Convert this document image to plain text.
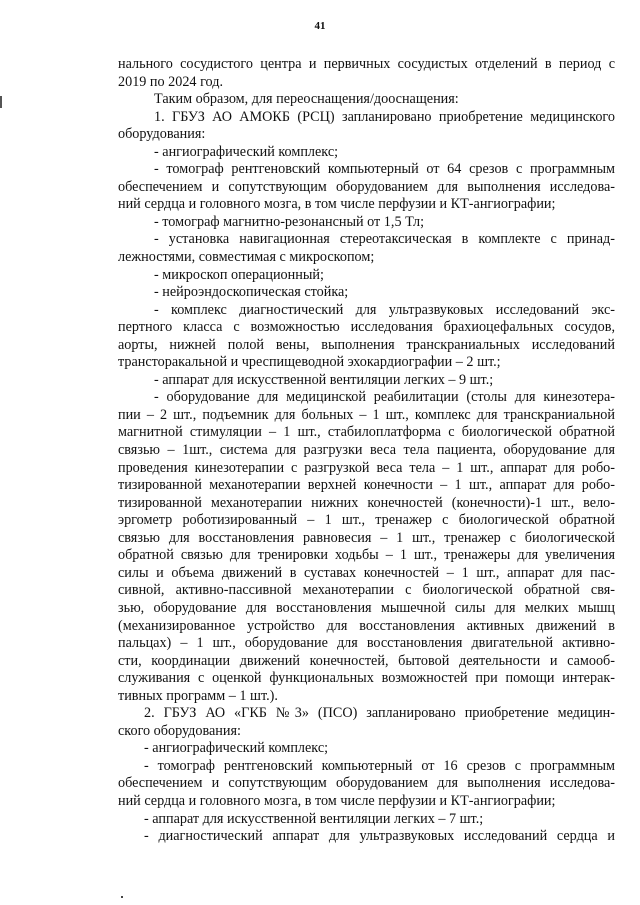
41
нального сосудистого центра и первичных сосудистых отделений в период с
2019 по 2024 год.
Таким образом, для переоснащения/дооснащения:
1. ГБУЗ АО АМОКБ (РСЦ) запланировано приобретение медицинского
оборудования:
- ангиографический комплекс;
- томограф рентгеновский компьютерный от 64 срезов с программным
обеспечением и сопутствующим оборудованием для выполнения исследова-
ний сердца и головного мозга, в том числе перфузии и КТ-ангиографии;
- томограф магнитно-резонансный от 1,5 Тл;
- установка навигационная стереотаксическая в комплекте с принад-
лежностями, совместимая с микроскопом;
- микроскоп операционный;
- нейроэндоскопическая стойка;
- комплекс диагностический для ультразвуковых исследований экс-
пертного класса с возможностью исследования брахиоцефальных сосудов,
аорты, нижней полой вены, выполнения транскраниальных исследований
трансторакальной и чреспищеводной эхокардиографии – 2 шт.;
- аппарат для искусственной вентиляции легких – 9 шт.;
- оборудование для медицинской реабилитации (столы для кинезотера-
пии – 2 шт., подъемник для больных – 1 шт., комплекс для транскраниальной
магнитной стимуляции – 1 шт., стабилоплатформа с биологической обратной
связью – 1шт., система для разгрузки веса тела пациента, оборудование для
проведения кинезотерапии с разгрузкой веса тела – 1 шт., аппарат для робо-
тизированной механотерапии верхней конечности – 1 шт., аппарат для робо-
тизированной механотерапии нижних конечностей (конечности)-1 шт., вело-
эргометр роботизированный – 1 шт., тренажер с биологической обратной
связью для восстановления равновесия – 1 шт., тренажер с биологической
обратной связью для тренировки ходьбы – 1 шт., тренажеры для увеличения
силы и объема движений в суставах конечностей – 1 шт., аппарат для пас-
сивной, активно-пассивной механотерапии с биологической обратной свя-
зью, оборудование для восстановления мышечной силы для мелких мышц
(механизированное устройство для восстановления активных движений в
пальцах) – 1 шт., оборудование для восстановления двигательной активно-
сти, координации движений конечностей, бытовой деятельности и самооб-
служивания с оценкой функциональных возможностей при помощи интерак-
тивных программ – 1 шт.).
2. ГБУЗ АО «ГКБ №3» (ПСО) запланировано приобретение медицин-
ского оборудования:
- ангиографический комплекс;
- томограф рентгеновский компьютерный от 16 срезов с программным
обеспечением и сопутствующим оборудованием для выполнения исследова-
ний сердца и головного мозга, в том числе перфузии и КТ-ангиографии;
- аппарат для искусственной вентиляции легких – 7 шт.;
- диагностический аппарат для ультразвуковых исследований сердца и
